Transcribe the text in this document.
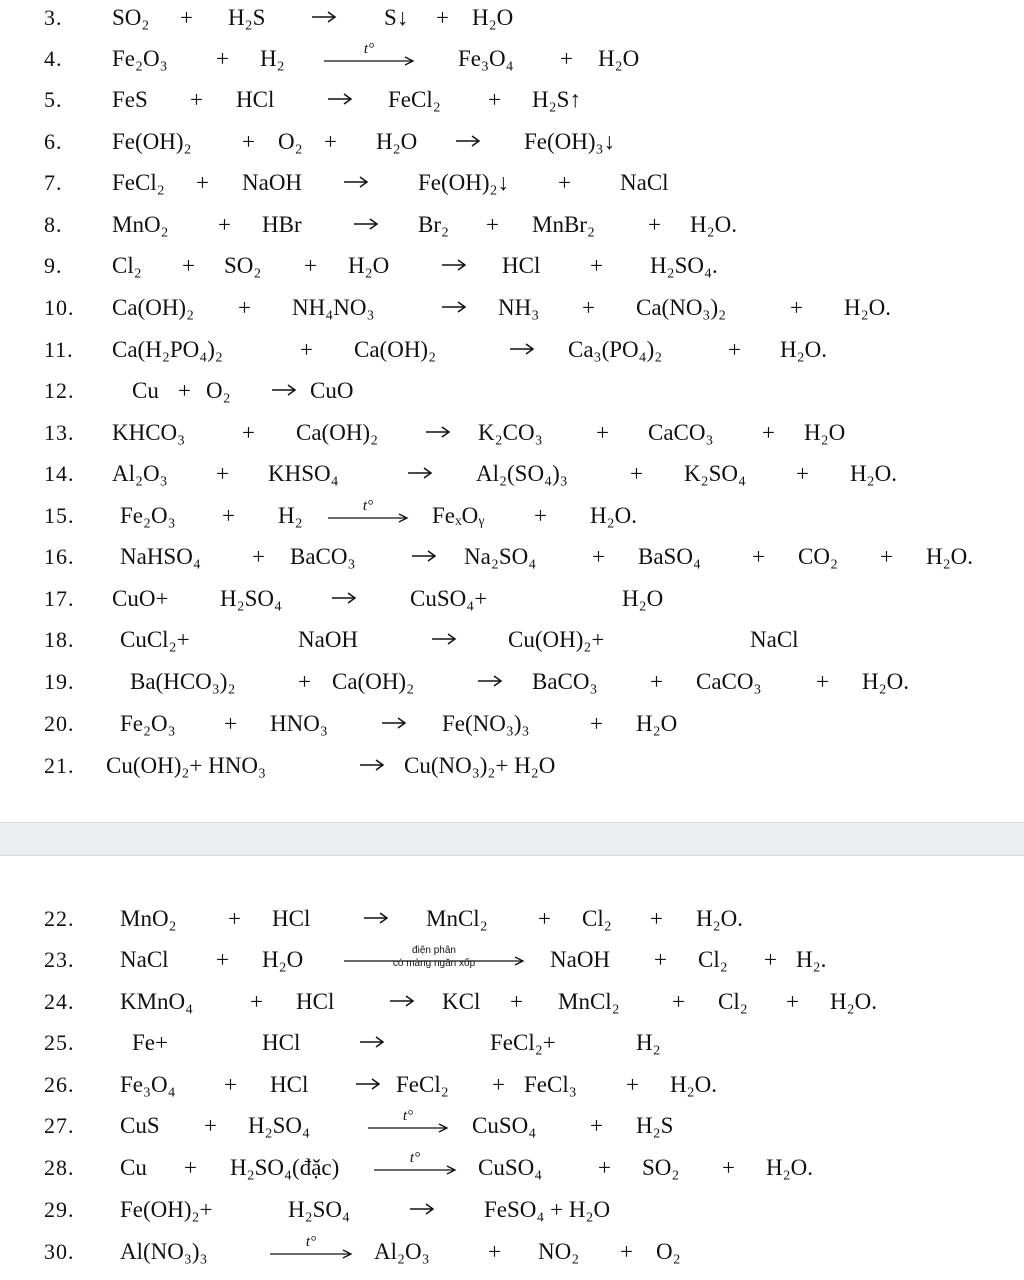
3. SO₂ + H₂S	S↓ + H₂O
4. Fe₂O₃ + H₂	t°	Fe₃O₄ + H₂O
5. FeS + HCl	FeCl₂ + H₂S↑
6. Fe(OH)₂ + O₂ + H₂O	Fe(OH)₃↓
7. FeCl₂ + NaOH	Fe(OH)₂↓ + NaCl
8. MnO₂ + HBr	Br₂ + MnBr₂ + H₂O.
9. Cl₂ + SO₂ + H₂O	HCl + H₂SO₄.
10. Ca(OH)₂ + NH₄NO₃	NH₃ + Ca(NO₃)₂	+ H₂O.
11. Ca(H₂PO₄)₂	+ Ca(OH)₂	Ca₃(PO₄)₂	+ H₂O.
12.	Cu + O₂	→ CuO
13. KHCO₃ + Ca(OH)₂	K₂CO₃ + CaCO₃ + H₂O
14. Al₂O₃ + KHSO₄	Al₂(SO₄)₃	+ K₂SO₄ + H₂O.
15. Fe₂O₃ + H₂	t°	FeₓOᵧ + H₂O.
16. NaHSO₄ + BaCO₃	Na₂SO₄ + BaSO₄ + CO₂ + H₂O.
17. CuO+ H₂SO₄	CuSO₄+	H₂O
18. CuCl₂+	NaOH	Cu(OH)₂+	NaCl
19. Ba(HCO₃)₂	+ Ca(OH)₂	BaCO₃ + CaCO₃ + H₂O.
20. Fe₂O₃ + HNO₃	Fe(NO₃)₃	+ H₂O
21. Cu(OH)₂+ HNO₃	→ Cu(NO₃)₂+ H₂O
22. MnO₂ + HCl	MnCl₂ + Cl₂ + H₂O.
23. NaCl + H₂O	điện phân
có màng ngăn xốp	NaOH + Cl₂ + H₂.
24. KMnO₄ + HCl	KCl + MnCl₂ + Cl₂ + H₂O.
25.	Fe+	HCl	FeCl₂+	H₂
26. Fe₃O₄ + HCl	→ FeCl₂ + FeCl₃ + H₂O.
27. CuS + H₂SO₄	t°	CuSO₄ + H₂S
28. Cu + H₂SO₄(đặc)	t°	CuSO₄ + SO₂ + H₂O.
29. Fe(OH)₂+	H₂SO₄	FeSO₄ + H₂O
30. Al(NO₃)₃	t°	Al₂O₃	+ NO₂ + O₂
